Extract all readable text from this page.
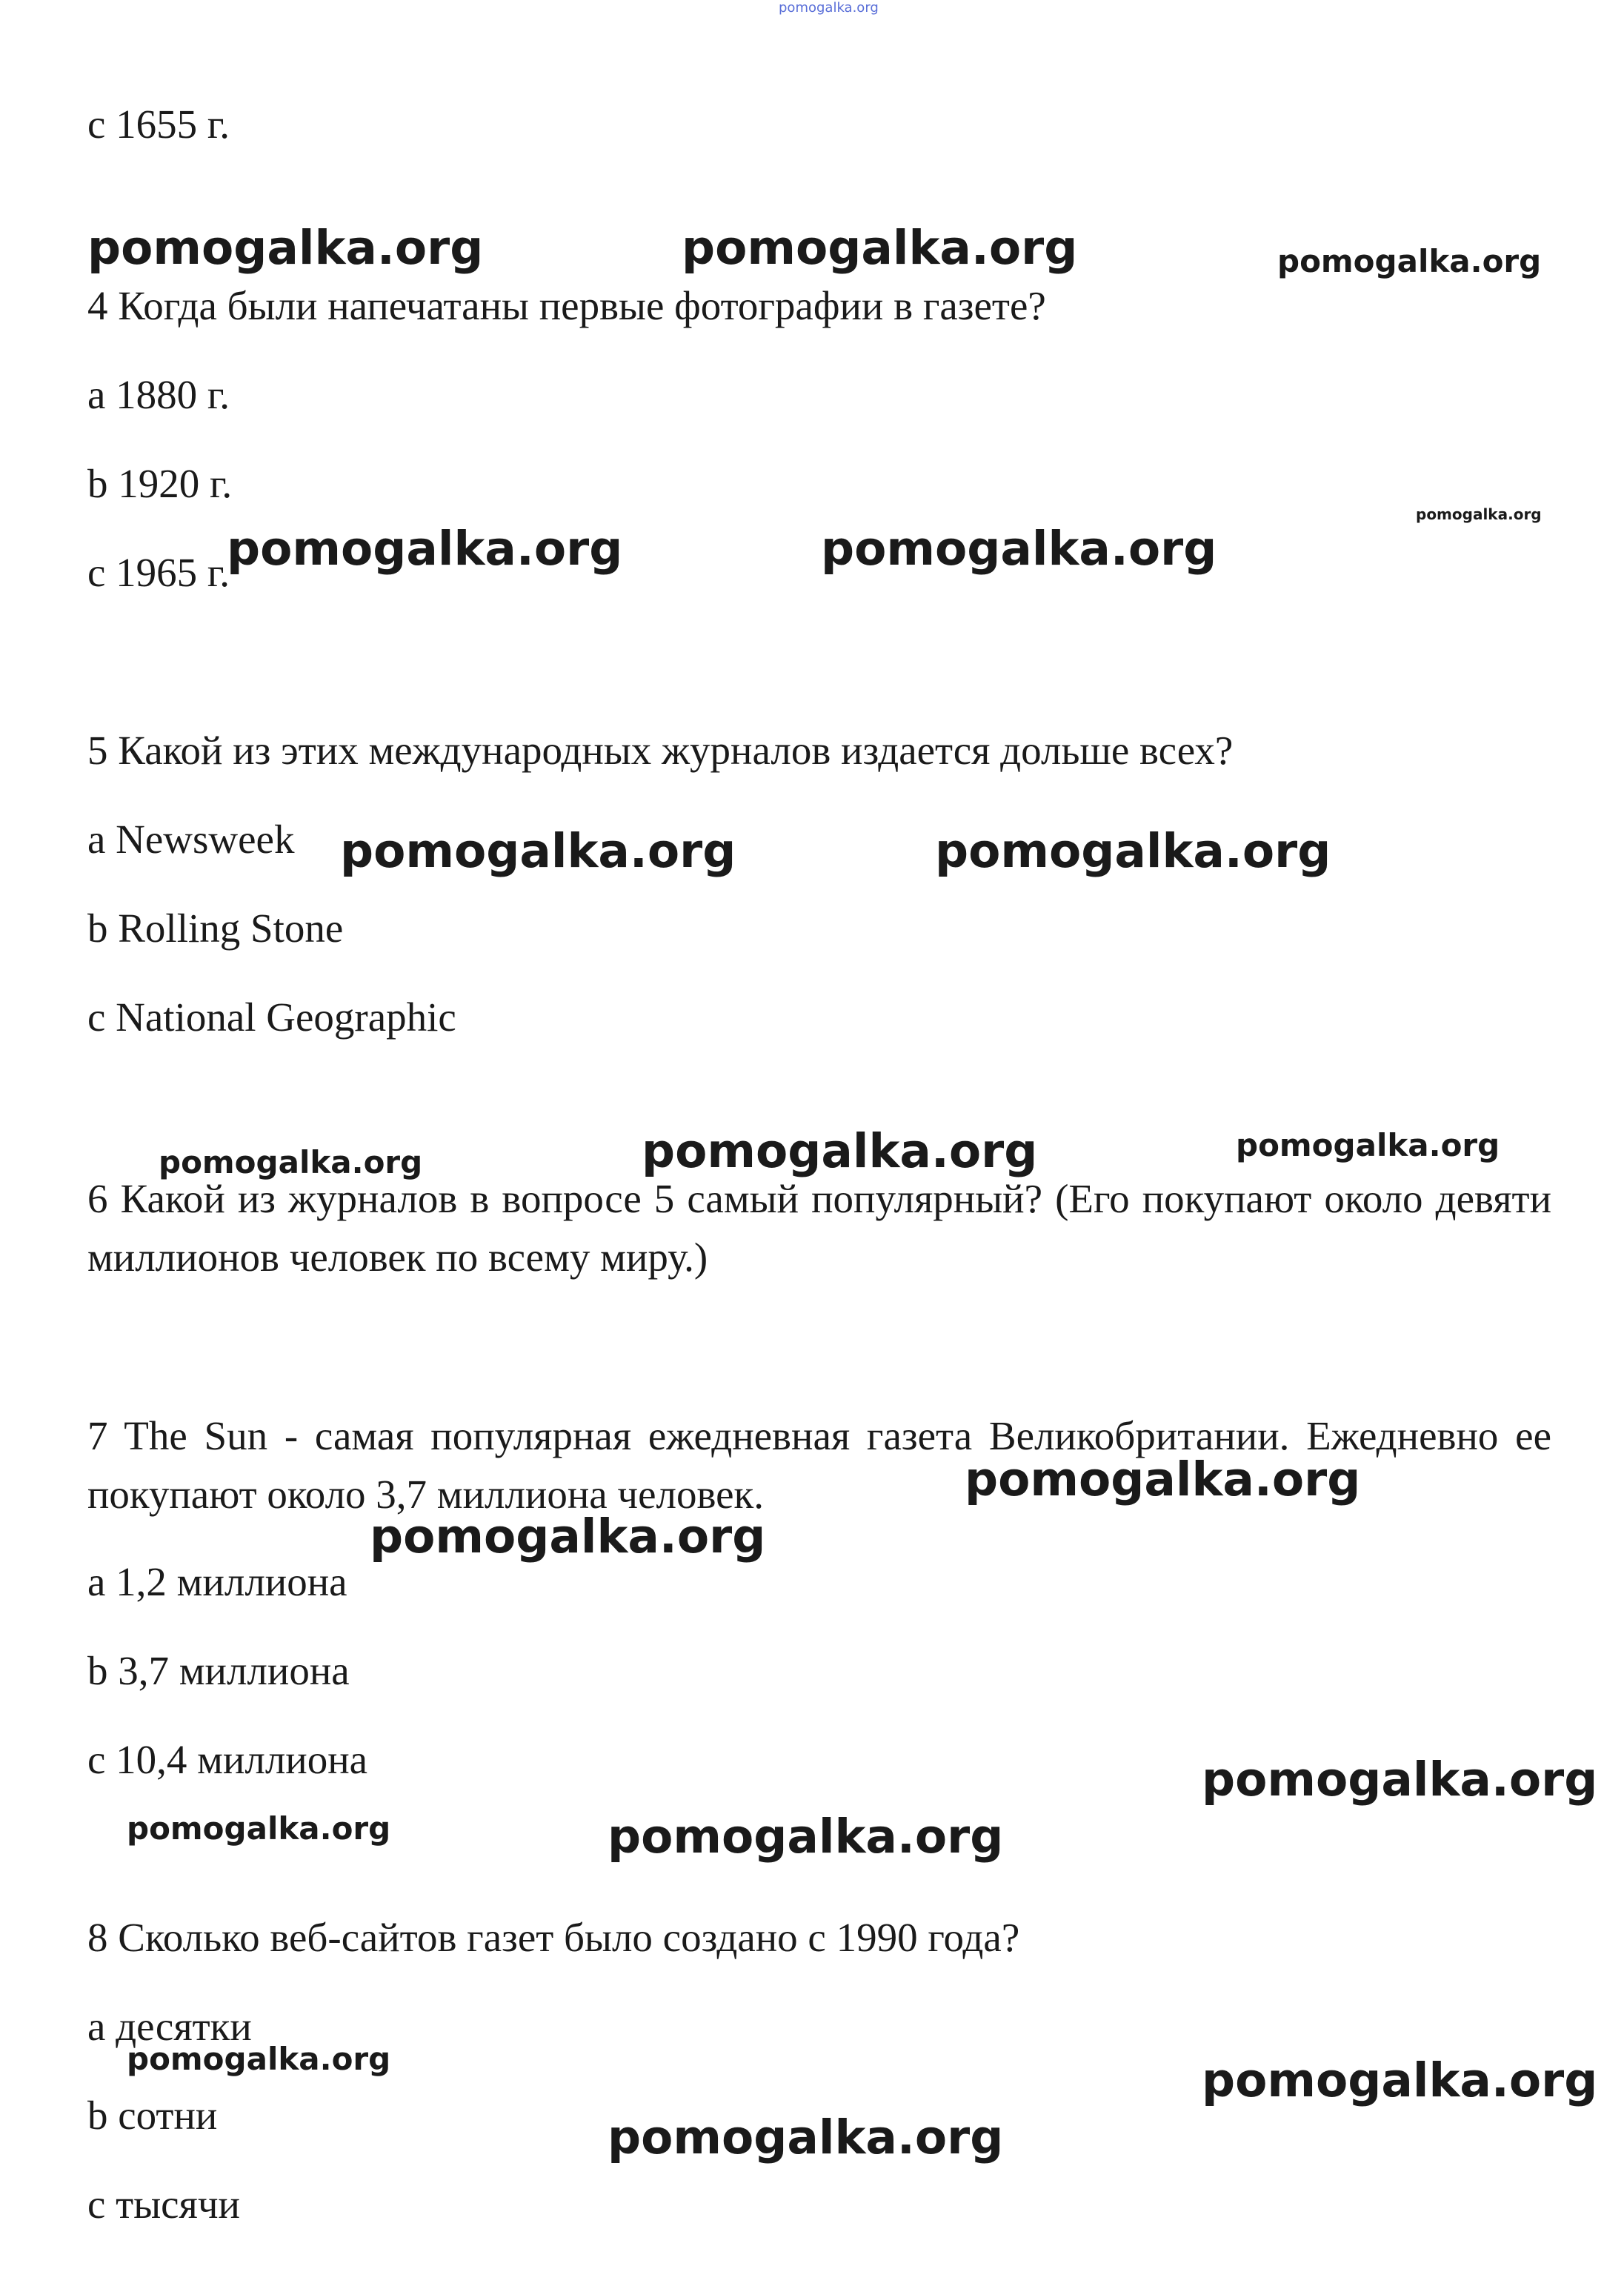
pomogalka.org
c 1655 г.
4 Когда были напечатаны первые фотографии в газете?
a 1880 г.
b 1920 г.
c 1965 г.
5 Какой из этих международных журналов издается дольше всех?
a Newsweek
b Rolling Stone
c National Geographic
6 Какой из журналов в вопросе 5 самый популярный? (Его покупают около девяти миллионов человек по всему миру.)
7 The Sun - самая популярная ежедневная газета Великобритании. Ежедневно ее покупают около 3,7 миллиона человек.
a 1,2 миллиона
b 3,7 миллиона
c 10,4 миллиона
8 Сколько веб-сайтов газет было создано с 1990 года?
a десятки
b сотни
c тысячи
pomogalka.org	pomogalka.org	pomogalka.org
pomogalka.org
pomogalka.org	pomogalka.org
pomogalka.org	pomogalka.org
pomogalka.org	pomogalka.org	pomogalka.org
pomogalka.org
pomogalka.org
pomogalka.org
pomogalka.org	pomogalka.org
pomogalka.org	pomogalka.org
pomogalka.org
